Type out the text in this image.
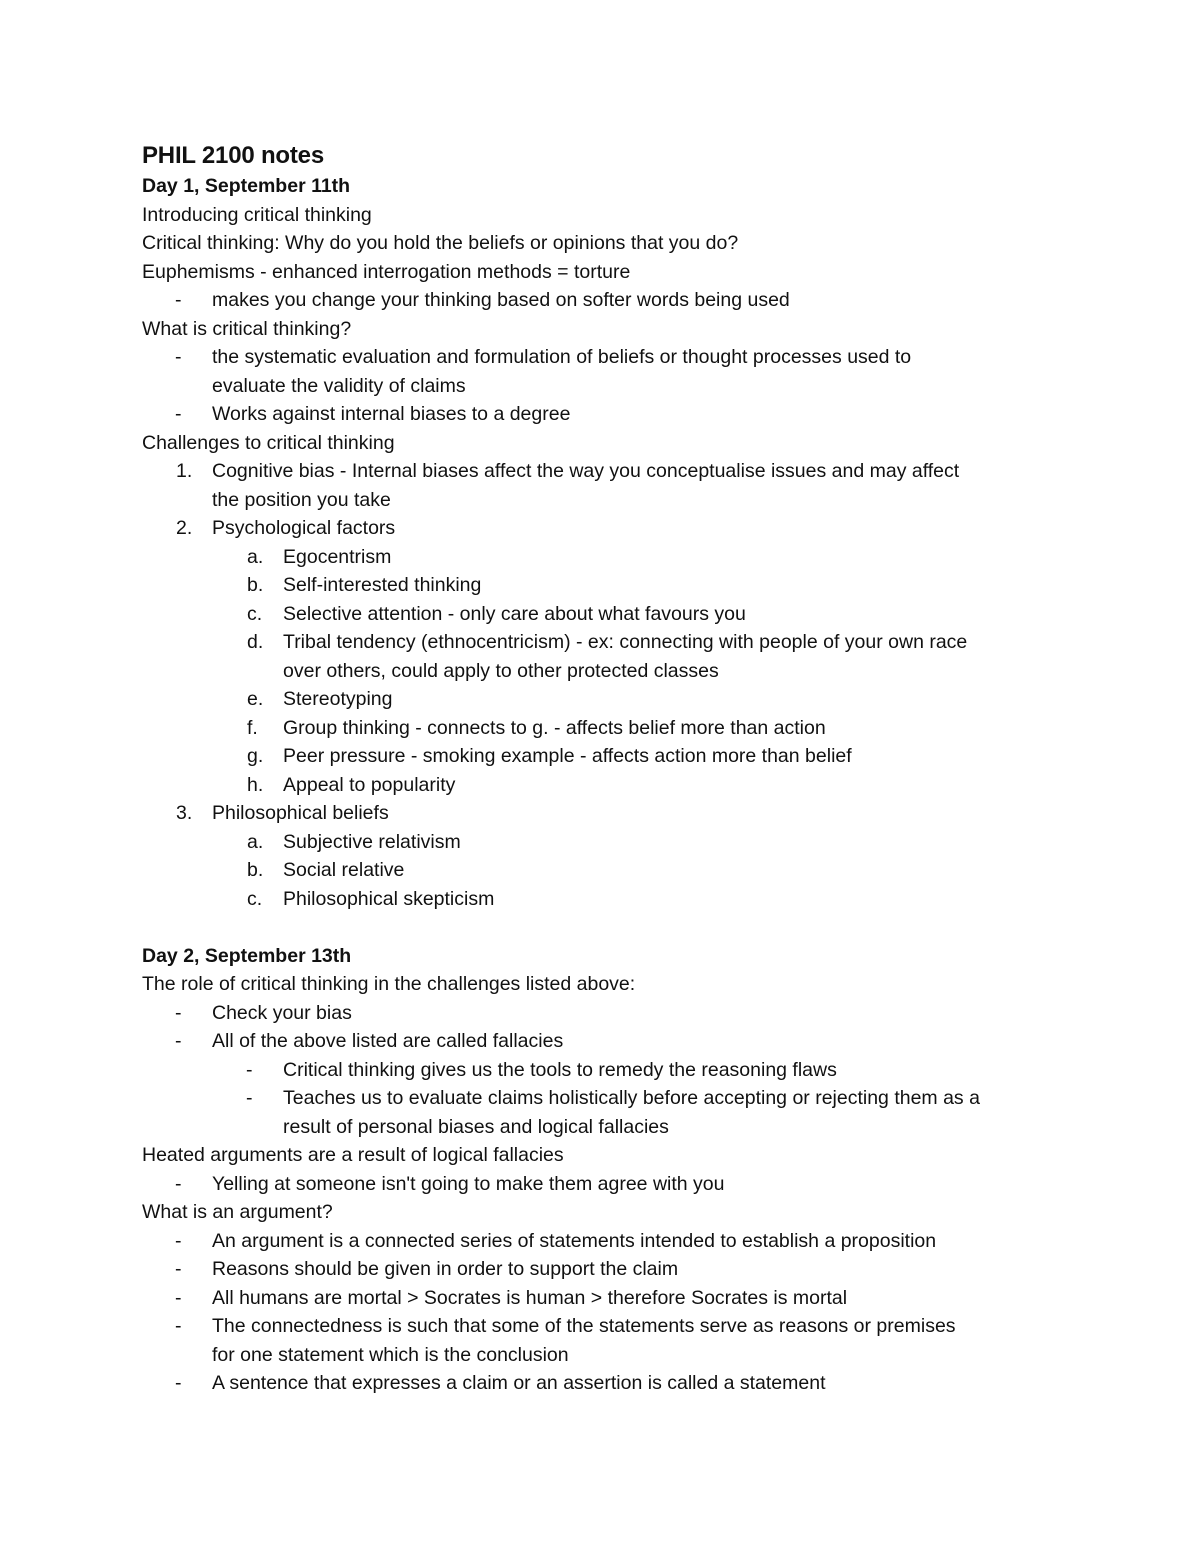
PHIL 2100 notes
Day 1, September 11th
Introducing critical thinking
Critical thinking: Why do you hold the beliefs or opinions that you do?
Euphemisms - enhanced interrogation methods = torture
- makes you change your thinking based on softer words being used
What is critical thinking?
- the systematic evaluation and formulation of beliefs or thought processes used to
evaluate the validity of claims
- Works against internal biases to a degree
Challenges to critical thinking
1. Cognitive bias - Internal biases affect the way you conceptualise issues and may affect
the position you take
2. Psychological factors
a. Egocentrism
b. Self-interested thinking
c. Selective attention - only care about what favours you
d. Tribal tendency (ethnocentricism) - ex: connecting with people of your own race
over others, could apply to other protected classes
e. Stereotyping
f. Group thinking - connects to g. - affects belief more than action
g. Peer pressure - smoking example - affects action more than belief
h. Appeal to popularity
3. Philosophical beliefs
a. Subjective relativism
b. Social relative
c. Philosophical skepticism
Day 2, September 13th
The role of critical thinking in the challenges listed above:
- Check your bias
- All of the above listed are called fallacies
- Critical thinking gives us the tools to remedy the reasoning flaws
- Teaches us to evaluate claims holistically before accepting or rejecting them as a
result of personal biases and logical fallacies
Heated arguments are a result of logical fallacies
- Yelling at someone isn't going to make them agree with you
What is an argument?
- An argument is a connected series of statements intended to establish a proposition
- Reasons should be given in order to support the claim
- All humans are mortal > Socrates is human > therefore Socrates is mortal
- The connectedness is such that some of the statements serve as reasons or premises
for one statement which is the conclusion
- A sentence that expresses a claim or an assertion is called a statement
